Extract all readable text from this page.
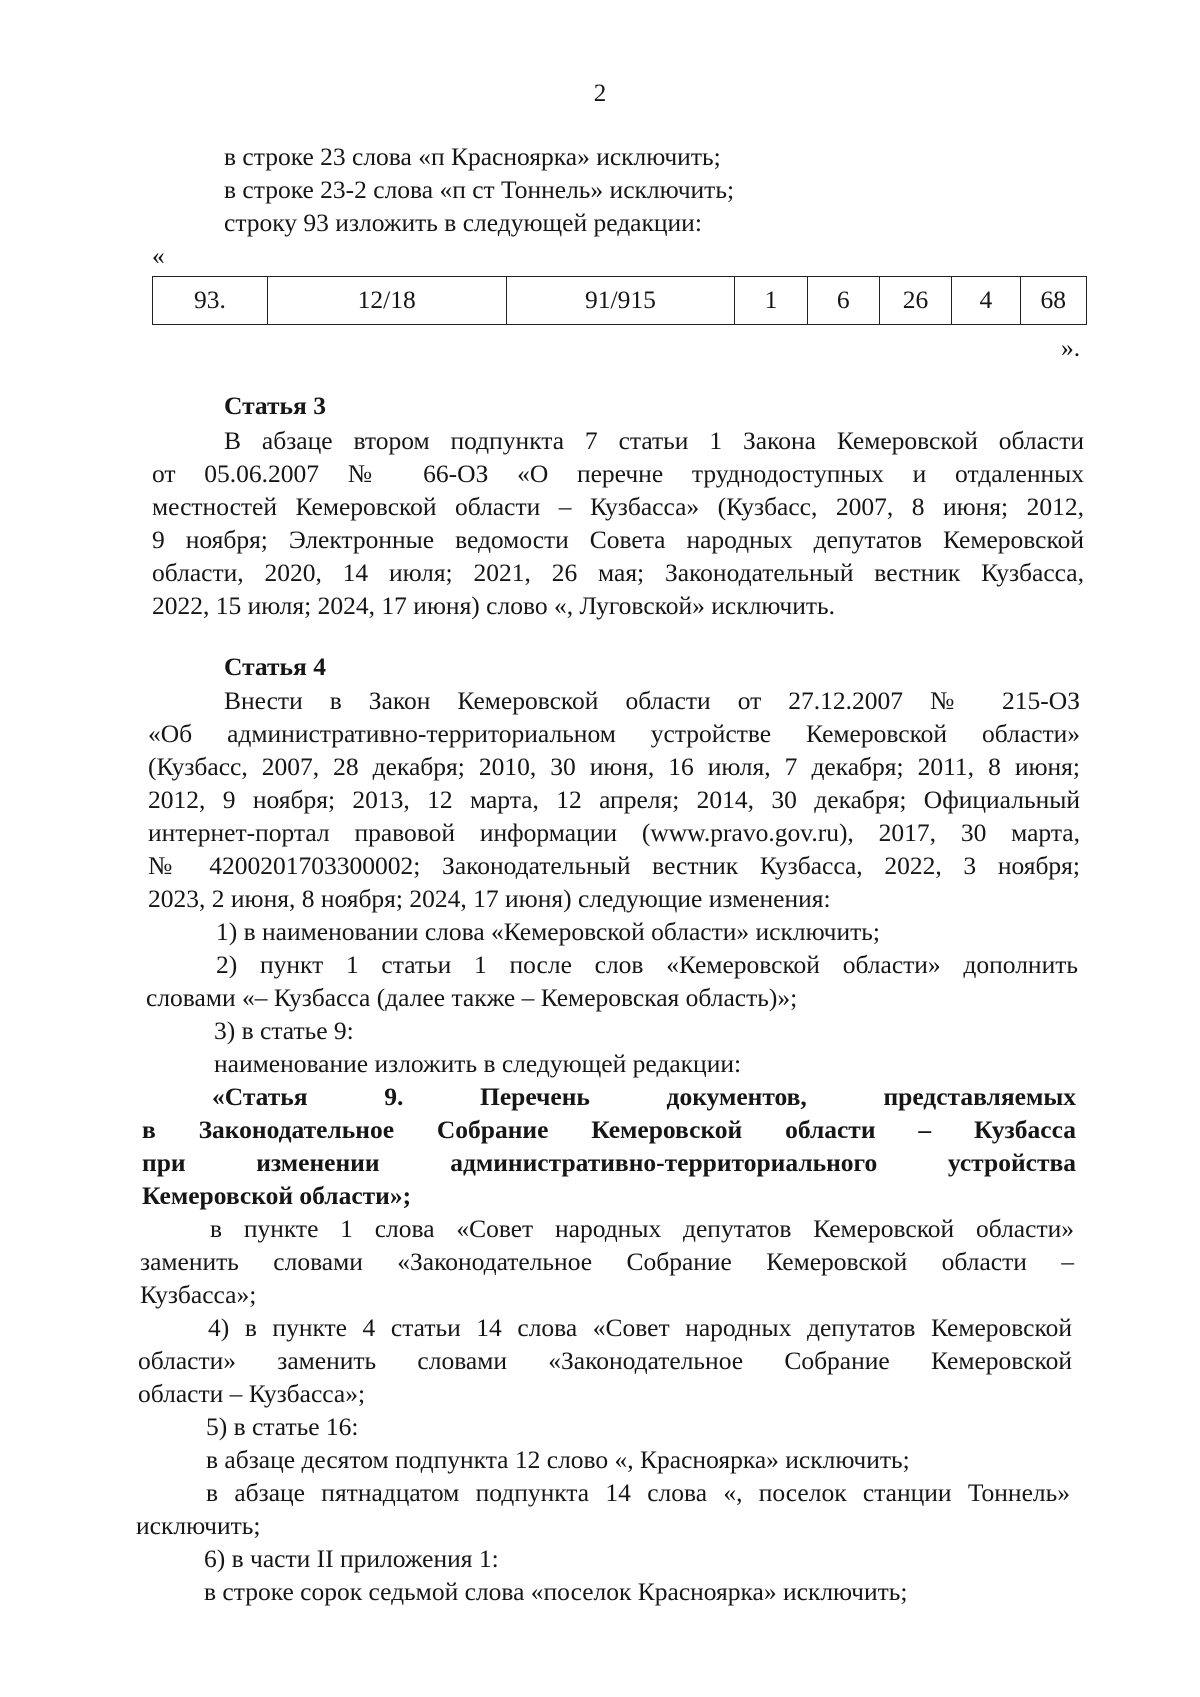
2
в строке 23 слова «п Красноярка» исключить;
в строке 23-2 слова «п ст Тоннель» исключить;
строку 93 изложить в следующей редакции:
«
93.	12/18	91/915	1	6	26	4	68
».
Статья 3
В абзаце втором подпункта 7 статьи 1 Закона Кемеровской области
от 05.06.2007 № 66-ОЗ «О перечне труднодоступных и отдаленных
местностей Кемеровской области – Кузбасса» (Кузбасс, 2007, 8 июня; 2012,
9 ноября; Электронные ведомости Совета народных депутатов Кемеровской
области, 2020, 14 июля; 2021, 26 мая; Законодательный вестник Кузбасса,
2022, 15 июля; 2024, 17 июня) слово «, Луговской» исключить.
Статья 4
Внести в Закон Кемеровской области от 27.12.2007 № 215-ОЗ
«Об административно-территориальном устройстве Кемеровской области»
(Кузбасс, 2007, 28 декабря; 2010, 30 июня, 16 июля, 7 декабря; 2011, 8 июня;
2012, 9 ноября; 2013, 12 марта, 12 апреля; 2014, 30 декабря; Официальный
интернет-портал правовой информации (www.pravo.gov.ru), 2017, 30 марта,
№ 4200201703300002; Законодательный вестник Кузбасса, 2022, 3 ноября;
2023, 2 июня, 8 ноября; 2024, 17 июня) следующие изменения:
1) в наименовании слова «Кемеровской области» исключить;
2) пункт 1 статьи 1 после слов «Кемеровской области» дополнить
словами «– Кузбасса (далее также – Кемеровская область)»;
3) в статье 9:
наименование изложить в следующей редакции:
«Статья 9. Перечень документов, представляемых
в Законодательное Собрание Кемеровской области – Кузбасса
при изменении административно-территориального устройства
Кемеровской области»;
в пункте 1 слова «Совет народных депутатов Кемеровской области»
заменить словами «Законодательное Собрание Кемеровской области –
Кузбасса»;
4) в пункте 4 статьи 14 слова «Совет народных депутатов Кемеровской
области» заменить словами «Законодательное Собрание Кемеровской
области – Кузбасса»;
5) в статье 16:
в абзаце десятом подпункта 12 слово «, Красноярка» исключить;
в абзаце пятнадцатом подпункта 14 слова «, поселок станции Тоннель»
исключить;
6) в части II приложения 1:
в строке сорок седьмой слова «поселок Красноярка» исключить;
